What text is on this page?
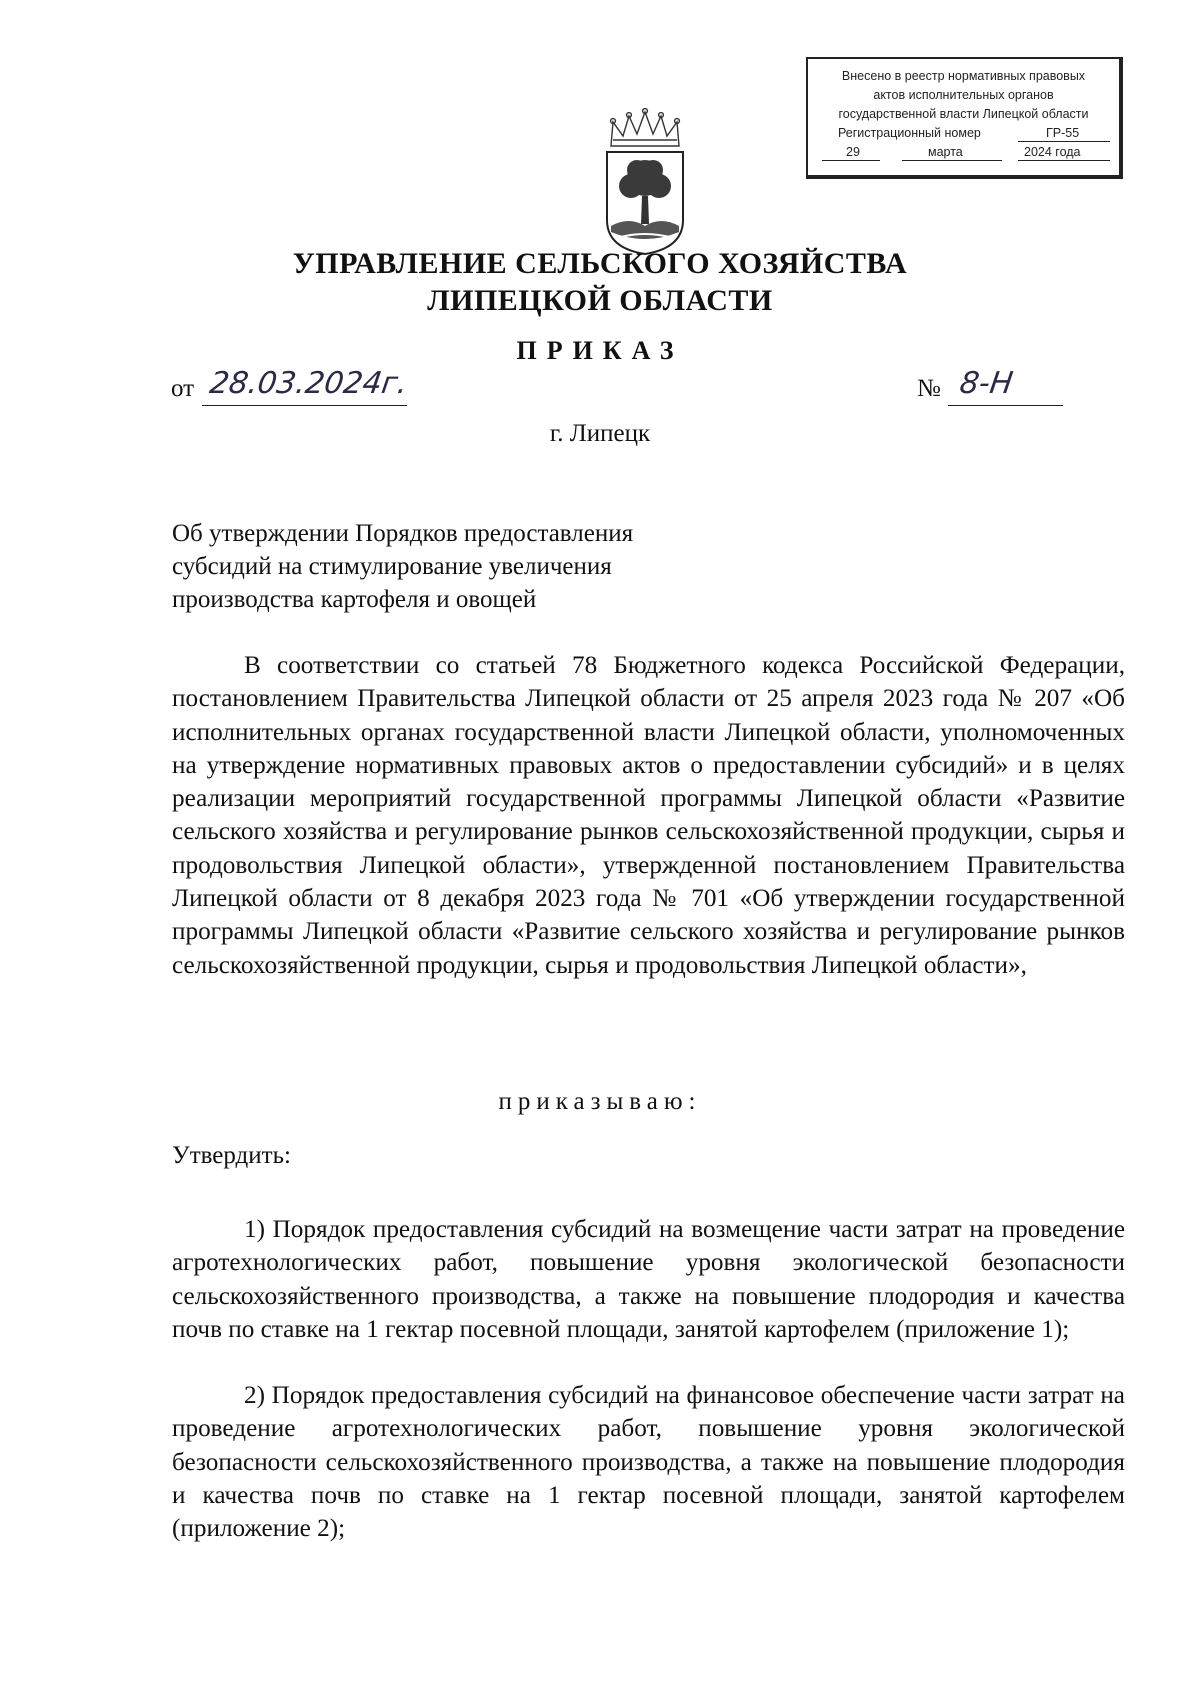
Внесено в реестр нормативных правовых
актов исполнительных органов
государственной власти Липецкой области
Регистрационный номер	ГР-55
29	марта	2024 года
УПРАВЛЕНИЕ СЕЛЬСКОГО ХОЗЯЙСТВА
ЛИПЕЦКОЙ ОБЛАСТИ
ПРИКАЗ
от 28.03.2024г.	№ 8-Н
г. Липецк
Об утверждении Порядков предоставления субсидий на стимулирование увеличения производства картофеля и овощей
В соответствии со статьей 78 Бюджетного кодекса Российской Федерации, постановлением Правительства Липецкой области от 25 апреля 2023 года № 207 «Об исполнительных органах государственной власти Липецкой области, уполномоченных на утверждение нормативных правовых актов о предоставлении субсидий» и в целях реализации мероприятий государственной программы Липецкой области «Развитие сельского хозяйства и регулирование рынков сельскохозяйственной продукции, сырья и продовольствия Липецкой области», утвержденной постановлением Правительства Липецкой области от 8 декабря 2023 года № 701 «Об утверждении государственной программы Липецкой области «Развитие сельского хозяйства и регулирование рынков сельскохозяйственной продукции, сырья и продовольствия Липецкой области»,
приказываю:
Утвердить:
1) Порядок предоставления субсидий на возмещение части затрат на проведение агротехнологических работ, повышение уровня экологической безопасности сельскохозяйственного производства, а также на повышение плодородия и качества почв по ставке на 1 гектар посевной площади, занятой картофелем (приложение 1);
2) Порядок предоставления субсидий на финансовое обеспечение части затрат на проведение агротехнологических работ, повышение уровня экологической безопасности сельскохозяйственного производства, а также на повышение плодородия и качества почв по ставке на 1 гектар посевной площади, занятой картофелем (приложение 2);
